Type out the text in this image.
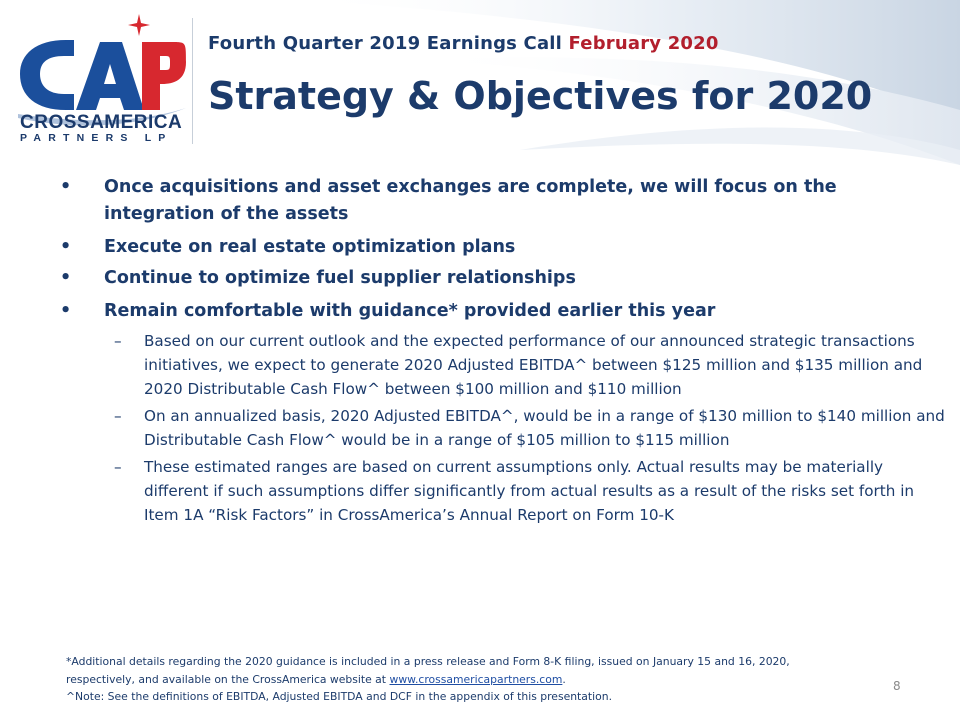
CROSSAMERICA
PARTNERS LP
Fourth Quarter 2019 Earnings Call February 2020
Strategy & Objectives for 2020
• Once acquisitions and asset exchanges are complete, we will focus on the integration of the assets
• Execute on real estate optimization plans
• Continue to optimize fuel supplier relationships
• Remain comfortable with guidance* provided earlier this year
– Based on our current outlook and the expected performance of our announced strategic transactions initiatives, we expect to generate 2020 Adjusted EBITDA^ between $125 million and $135 million and 2020 Distributable Cash Flow^ between $100 million and $110 million
– On an annualized basis, 2020 Adjusted EBITDA^, would be in a range of $130 million to $140 million and Distributable Cash Flow^ would be in a range of $105 million to $115 million
– These estimated ranges are based on current assumptions only. Actual results may be materially different if such assumptions differ significantly from actual results as a result of the risks set forth in Item 1A “Risk Factors” in CrossAmerica’s Annual Report on Form 10-K
*Additional details regarding the 2020 guidance is included in a press release and Form 8-K filing, issued on January 15 and 16, 2020,
respectively, and available on the CrossAmerica website at www.crossamericapartners.com.
^Note: See the definitions of EBITDA, Adjusted EBITDA and DCF in the appendix of this presentation.
8
